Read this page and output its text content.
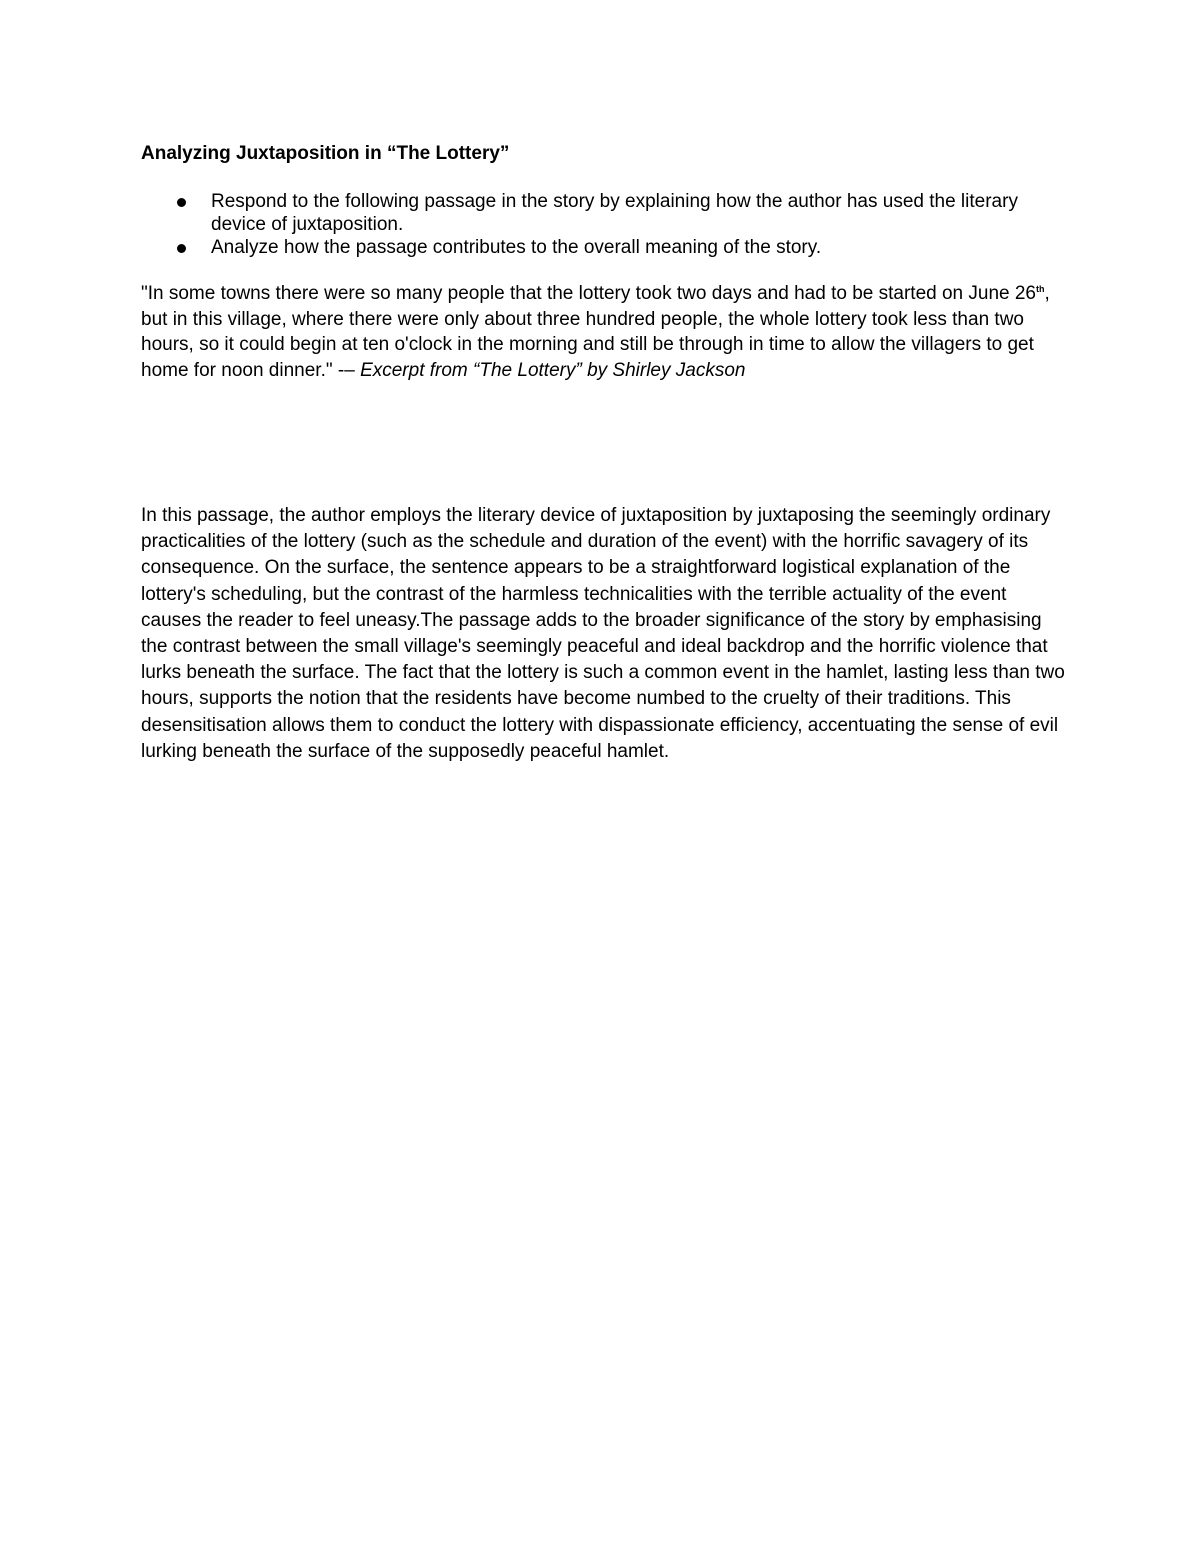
Analyzing Juxtaposition in “The Lottery”
Respond to the following passage in the story by explaining how the author has used the literary device of juxtaposition.
Analyze how the passage contributes to the overall meaning of the story.

"In some towns there were so many people that the lottery took two days and had to be started on June 26th, but in this village, where there were only about three hundred people, the whole lottery took less than two hours, so it could begin at ten o'clock in the morning and still be through in time to allow the villagers to get home for noon dinner." -– Excerpt from “The Lottery” by Shirley Jackson

In this passage, the author employs the literary device of juxtaposition by juxtaposing the seemingly ordinary practicalities of the lottery (such as the schedule and duration of the event) with the horrific savagery of its consequence. On the surface, the sentence appears to be a straightforward logistical explanation of the lottery's scheduling, but the contrast of the harmless technicalities with the terrible actuality of the event causes the reader to feel uneasy.The passage adds to the broader significance of the story by emphasising the contrast between the small village's seemingly peaceful and ideal backdrop and the horrific violence that lurks beneath the surface. The fact that the lottery is such a common event in the hamlet, lasting less than two hours, supports the notion that the residents have become numbed to the cruelty of their traditions. This desensitisation allows them to conduct the lottery with dispassionate efficiency, accentuating the sense of evil lurking beneath the surface of the supposedly peaceful hamlet.
